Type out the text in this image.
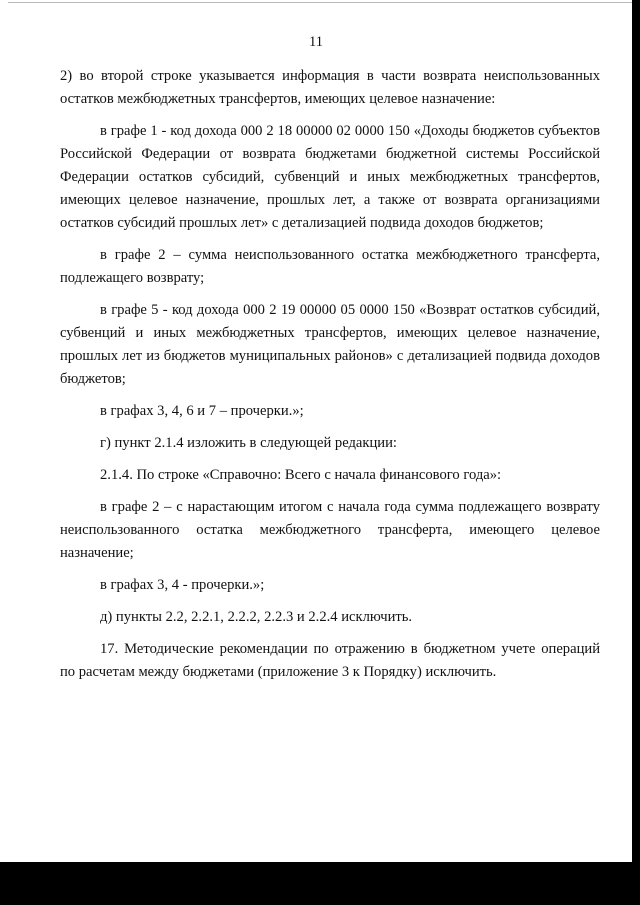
11

2) во второй строке указывается информация в части возврата неиспользованных остатков межбюджетных трансфертов, имеющих целевое назначение:

в графе 1 - код дохода 000 2 18 00000 02 0000 150 «Доходы бюджетов субъектов Российской Федерации от возврата бюджетами бюджетной системы Российской Федерации остатков субсидий, субвенций и иных межбюджетных трансфертов, имеющих целевое назначение, прошлых лет, а также от возврата организациями остатков субсидий прошлых лет» с детализацией подвида доходов бюджетов;

в графе 2 – сумма неиспользованного остатка межбюджетного трансферта, подлежащего возврату;

в графе 5 - код дохода 000 2 19 00000 05 0000 150 «Возврат остатков субсидий, субвенций и иных межбюджетных трансфертов, имеющих целевое назначение, прошлых лет из бюджетов муниципальных районов» с детализацией подвида доходов бюджетов;

в графах 3, 4, 6 и 7 – прочерки.»;

г) пункт 2.1.4 изложить в следующей редакции:

2.1.4. По строке «Справочно: Всего с начала финансового года»:

в графе 2 – с нарастающим итогом с начала года сумма подлежащего возврату неиспользованного остатка межбюджетного трансферта, имеющего целевое назначение;

в графах 3, 4 - прочерки.»;

д) пункты 2.2, 2.2.1, 2.2.2, 2.2.3 и 2.2.4 исключить.

17. Методические рекомендации по отражению в бюджетном учете операций по расчетам между бюджетами (приложение 3 к Порядку) исключить.
